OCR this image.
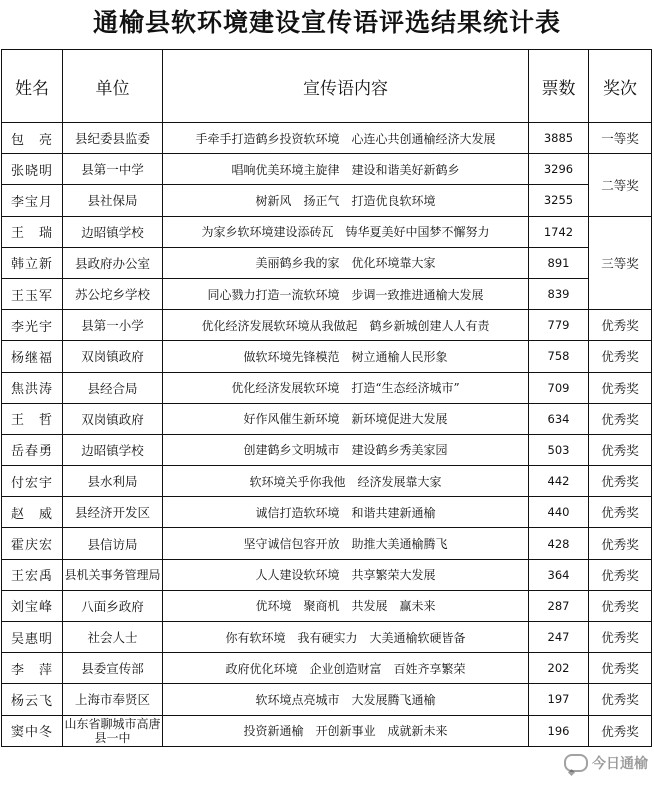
通榆县软环境建设宣传语评选结果统计表
姓名	单位	宣传语内容	票数	奖次
包　亮	县纪委县监委	手牵手打造鹤乡投资软环境　心连心共创通榆经济大发展	3885	一等奖
张晓明	县第一中学	唱响优美环境主旋律　建设和谐美好新鹤乡	3296	二等奖
李宝月	县社保局	树新风　扬正气　打造优良软环境	3255	
王　瑞	边昭镇学校	为家乡软环境建设添砖瓦　铸华夏美好中国梦不懈努力	1742	三等奖
韩立新	县政府办公室	美丽鹤乡我的家　优化环境靠大家	891	
王玉军	苏公坨乡学校	同心戮力打造一流软环境　步调一致推进通榆大发展	839	
李光宇	县第一小学	优化经济发展软环境从我做起　鹤乡新城创建人人有责	779	优秀奖
杨继福	双岗镇政府	做软环境先锋模范　树立通榆人民形象	758	优秀奖
焦洪涛	县经合局	优化经济发展软环境　打造“生态经济城市”	709	优秀奖
王　哲	双岗镇政府	好作风催生新环境　新环境促进大发展	634	优秀奖
岳春勇	边昭镇学校	创建鹤乡文明城市　建设鹤乡秀美家园	503	优秀奖
付宏宇	县水利局	软环境关乎你我他　经济发展靠大家	442	优秀奖
赵　威	县经济开发区	诚信打造软环境　和谐共建新通榆	440	优秀奖
霍庆宏	县信访局	坚守诚信包容开放　助推大美通榆腾飞	428	优秀奖
王宏禹	县机关事务管理局	人人建设软环境　共享繁荣大发展	364	优秀奖
刘宝峰	八面乡政府	优环境　聚商机　共发展　赢未来	287	优秀奖
吴惠明	社会人士	你有软环境　我有硬实力　大美通榆软硬皆备	247	优秀奖
李　萍	县委宣传部	政府优化环境　企业创造财富　百姓齐享繁荣	202	优秀奖
杨云飞	上海市奉贤区	软环境点亮城市　大发展腾飞通榆	197	优秀奖
窦中冬	山东省聊城市高唐县一中	投资新通榆　开创新事业　成就新未来	196	优秀奖
今日通榆
